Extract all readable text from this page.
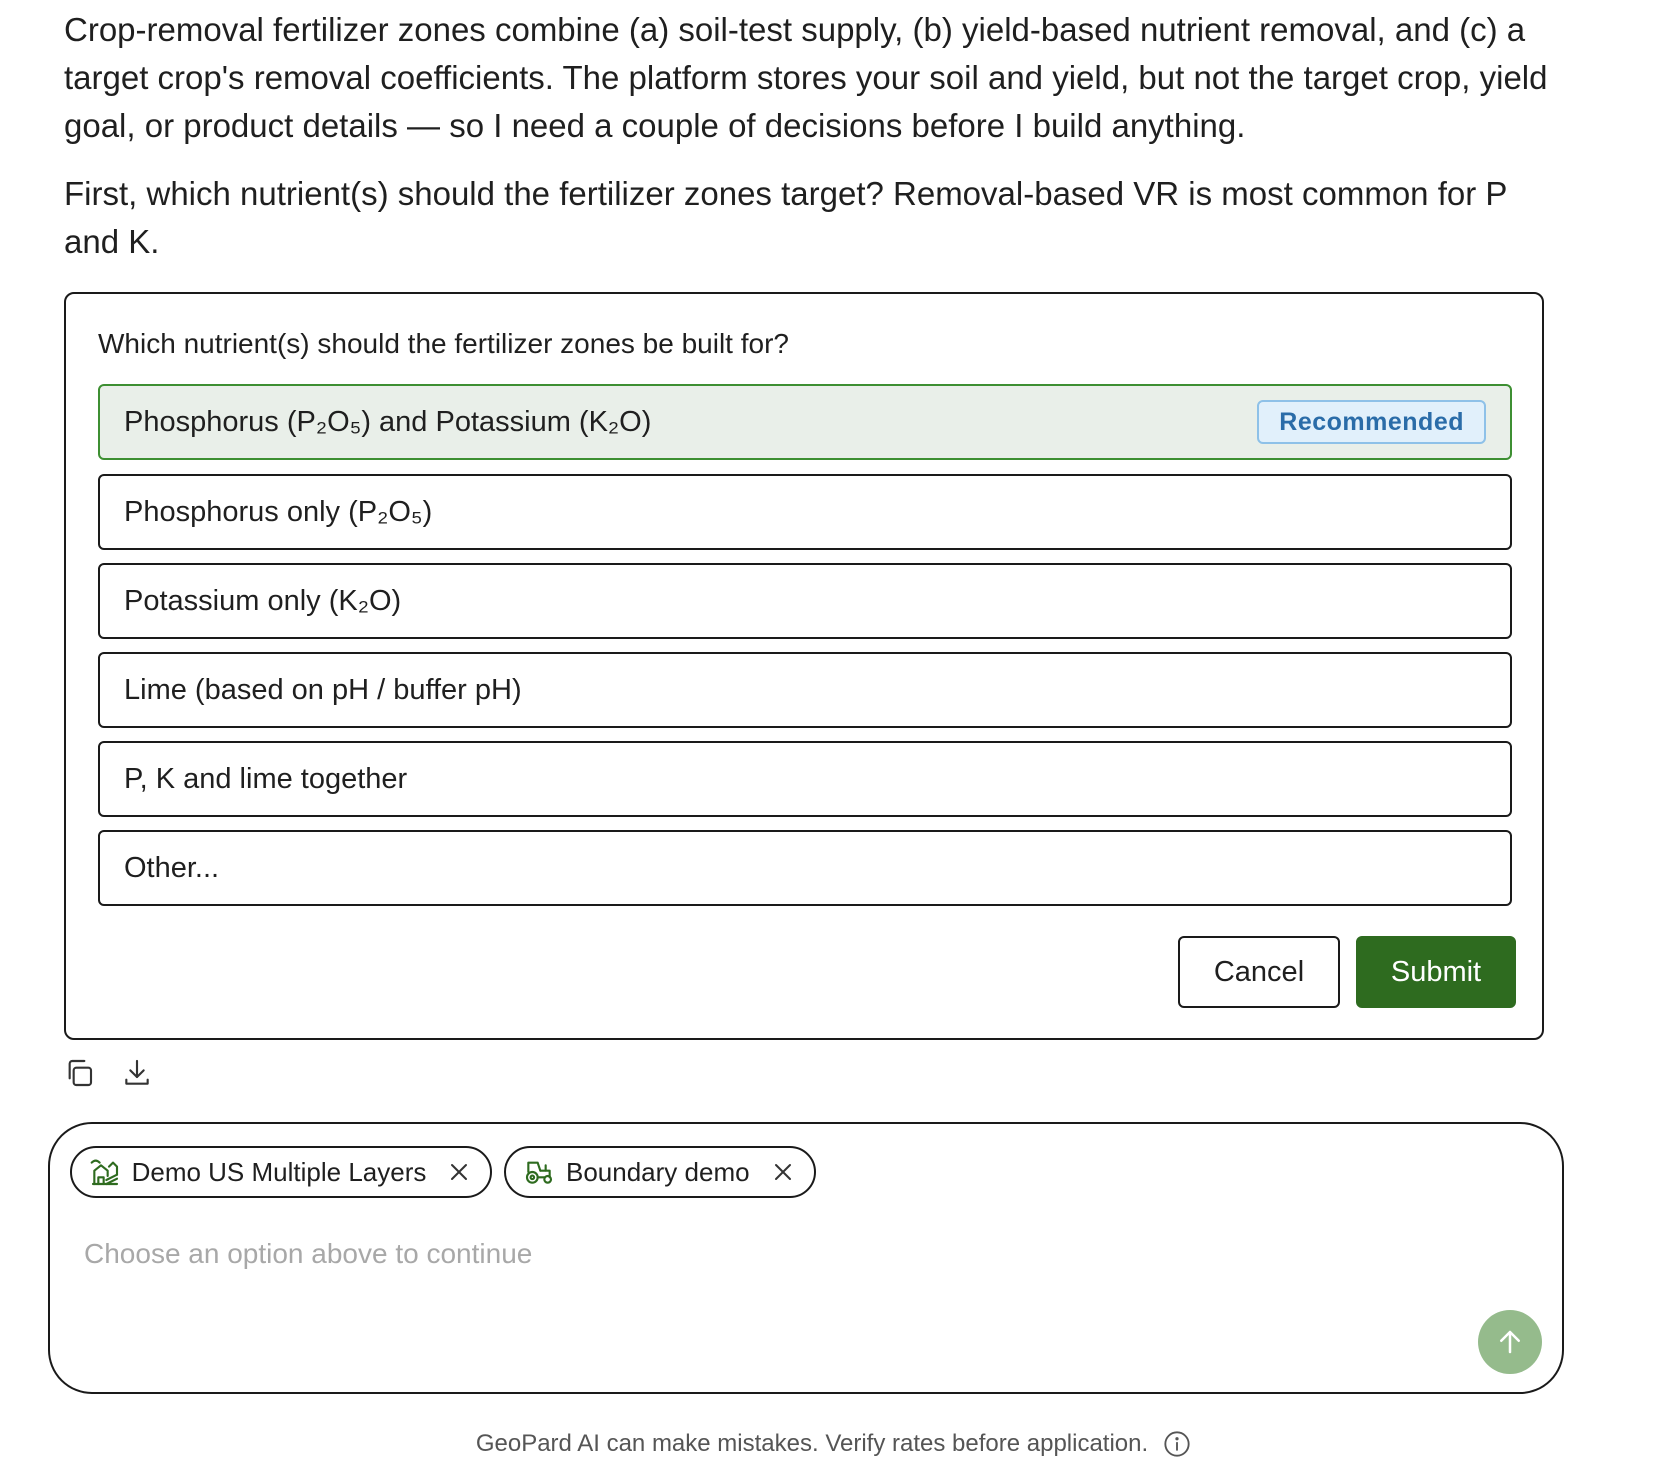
Crop-removal fertilizer zones combine (a) soil-test supply, (b) yield-based nutrient removal, and (c) a target crop's removal coefficients. The platform stores your soil and yield, but not the target crop, yield goal, or product details — so I need a couple of decisions before I build anything.

First, which nutrient(s) should the fertilizer zones target? Removal-based VR is most common for P and K.

Which nutrient(s) should the fertilizer zones be built for?
Phosphorus (P₂O₅) and Potassium (K₂O)	Recommended
Phosphorus only (P₂O₅)
Potassium only (K₂O)
Lime (based on pH / buffer pH)
P, K and lime together
Other...
Cancel	Submit
Demo US Multiple Layers	Boundary demo
Choose an option above to continue
GeoPard AI can make mistakes. Verify rates before application.
